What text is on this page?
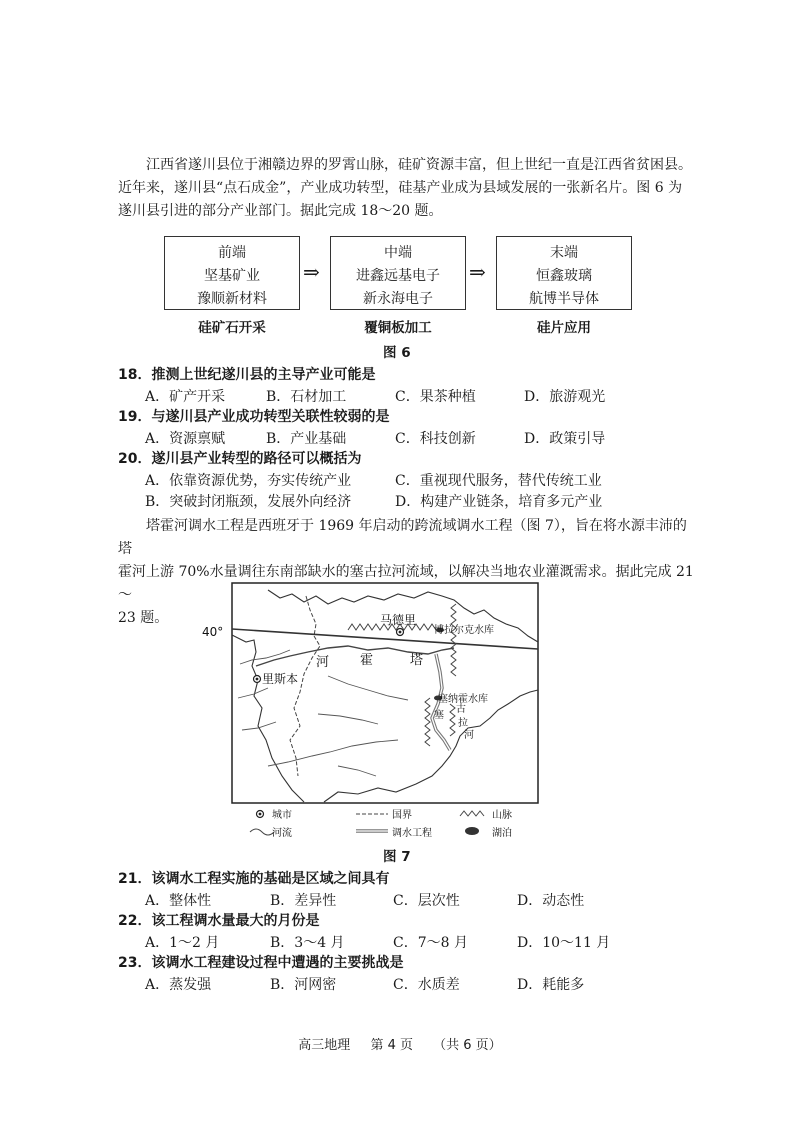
江西省遂川县位于湘赣边界的罗霄山脉，硅矿资源丰富，但上世纪一直是江西省贫困县。

近年来，遂川县“点石成金”，产业成功转型，硅基产业成为县域发展的一张新名片。图 6 为

遂川县引进的部分产业部门。据此完成 18～20 题。

前端
坚基矿业
豫顺新材料
⇒
中端
进鑫远基电子
新永海电子
⇒
末端
恒鑫玻璃
航博半导体
硅矿石开采	覆铜板加工	硅片应用
图 6
18．推测上世纪遂川县的主导产业可能是
A．矿产开采	B．石材加工	C．果茶种植	D．旅游观光
19．与遂川县产业成功转型关联性较弱的是
A．资源禀赋	B．产业基础	C．科技创新	D．政策引导
20．遂川县产业转型的路径可以概括为
A．依靠资源优势，夯实传统产业	C．重视现代服务，替代传统工业
B．突破封闭瓶颈，发展外向经济	D．构建产业链条，培育多元产业

塔霍河调水工程是西班牙于 1969 年启动的跨流域调水工程（图 7），旨在将水源丰沛的塔

霍河上游 70%水量调往东南部缺水的塞古拉河流域，以解决当地农业灌溉需求。据此完成 21～

23 题。

40°
马德里
里斯本
博拉尔克水库
塞纳霍水库
河 霍	塔
塞
古
拉
河
城市	国界	山脉
河流	调水工程	湖泊
图 7
21．该调水工程实施的基础是区域之间具有
A．整体性	B．差异性	C．层次性	D．动态性
22．该工程调水量最大的月份是
A．1～2 月	B．3～4 月	C．7～8 月	D．10～11 月
23．该调水工程建设过程中遭遇的主要挑战是
A．蒸发强	B．河网密	C．水质差	D．耗能多
高三地理 第 4 页 （共 6 页）
